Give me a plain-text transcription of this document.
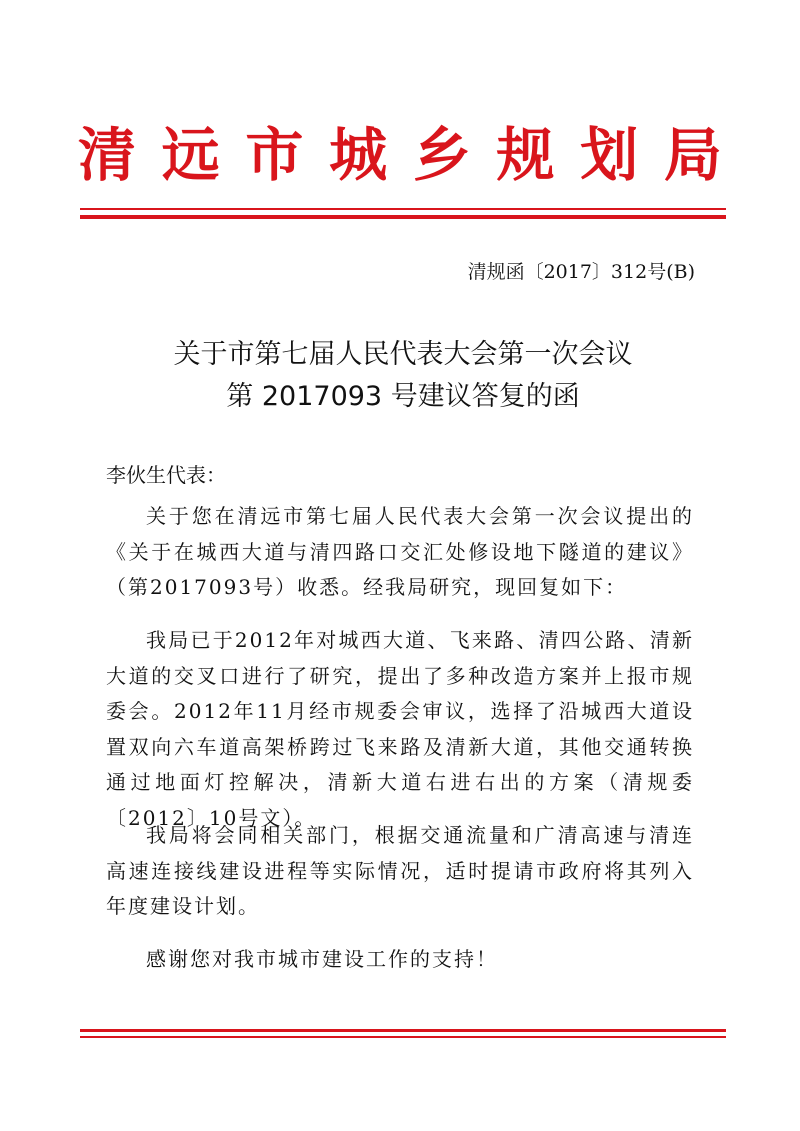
清 远 市 城 乡 规 划 局
清规函〔2017〕312号(B)
关于市第七届人民代表大会第一次会议
第 2017093 号建议答复的函
李伙生代表：
关于您在清远市第七届人民代表大会第一次会议提出的《关于在城西大道与清四路口交汇处修设地下隧道的建议》（第2017093号）收悉。经我局研究，现回复如下：
我局已于2012年对城西大道、飞来路、清四公路、清新大道的交叉口进行了研究，提出了多种改造方案并上报市规委会。2012年11月经市规委会审议，选择了沿城西大道设置双向六车道高架桥跨过飞来路及清新大道，其他交通转换通过地面灯控解决，清新大道右进右出的方案（清规委〔2012〕10号文）。
我局将会同相关部门，根据交通流量和广清高速与清连高速连接线建设进程等实际情况，适时提请市政府将其列入年度建设计划。
感谢您对我市城市建设工作的支持！
